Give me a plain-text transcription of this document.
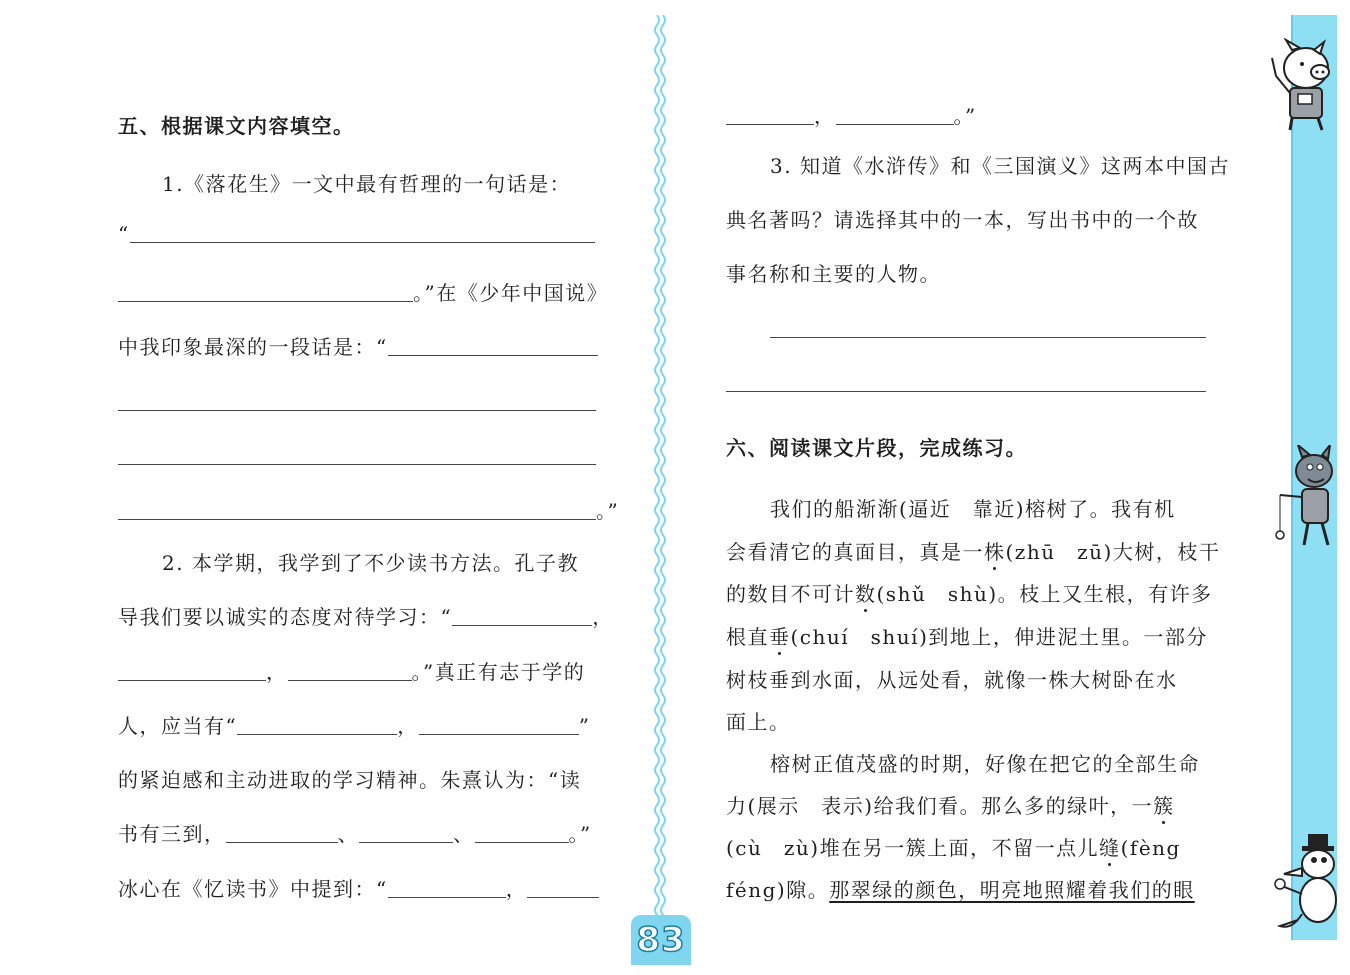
五、根据课文内容填空。
1.《落花生》一文中最有哲理的一句话是：
“
。”在《少年中国说》
中我印象最深的一段话是：“
。”
2. 本学期，我学到了不少读书方法。孔子教
导我们要以诚实的态度对待学习：“	，
，	。”真正有志于学的
人，应当有“	，	”
的紧迫感和主动进取的学习精神。朱熹认为：“读
书有三到，	、	、	。”
冰心在《忆读书》中提到：“	，
，	。”
3. 知道《水浒传》和《三国演义》这两本中国古
典名著吗？请选择其中的一本，写出书中的一个故
事名称和主要的人物。
六、阅读课文片段，完成练习。
我们的船渐渐(逼近　靠近)榕树了。我有机
会看清它的真面目，真是一株(zhū　zū)大树，枝干
的数目不可计数(shǔ　shù)。枝上又生根，有许多
根直垂(chuí　shuí)到地上，伸进泥土里。一部分
树枝垂到水面，从远处看，就像一株大树卧在水
面上。
榕树正值茂盛的时期，好像在把它的全部生命
力(展示　表示)给我们看。那么多的绿叶，一簇
(cù　zù)堆在另一簇上面，不留一点儿缝(fèng
féng)隙。那翠绿的颜色，明亮地照耀着我们的眼
83
